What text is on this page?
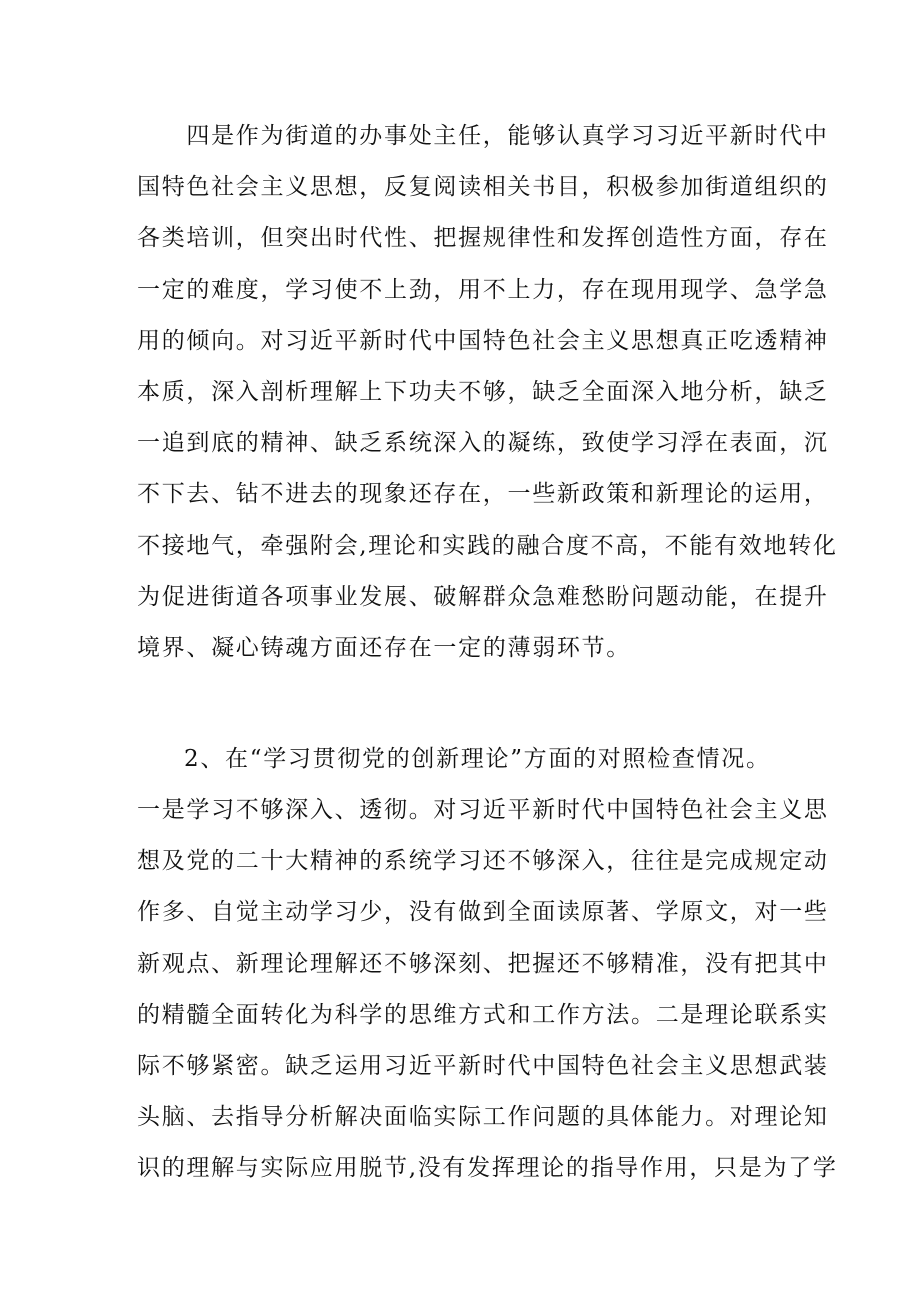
　　四是作为街道的办事处主任，能够认真学习习近平新时代中
国特色社会主义思想，反复阅读相关书目，积极参加街道组织的
各类培训，但突出时代性、把握规律性和发挥创造性方面，存在
一定的难度，学习使不上劲，用不上力，存在现用现学、急学急
用的倾向。对习近平新时代中国特色社会主义思想真正吃透精神
本质，深入剖析理解上下功夫不够，缺乏全面深入地分析，缺乏
一追到底的精神、缺乏系统深入的凝练，致使学习浮在表面，沉
不下去、钻不进去的现象还存在，一些新政策和新理论的运用，
不接地气，牵强附会,理论和实践的融合度不高，不能有效地转化
为促进街道各项事业发展、破解群众急难愁盼问题动能，在提升
境界、凝心铸魂方面还存在一定的薄弱环节。
2、在“学习贯彻党的创新理论”方面的对照检查情况。
一是学习不够深入、透彻。对习近平新时代中国特色社会主义思
想及党的二十大精神的系统学习还不够深入，往往是完成规定动
作多、自觉主动学习少，没有做到全面读原著、学原文，对一些
新观点、新理论理解还不够深刻、把握还不够精准，没有把其中
的精髓全面转化为科学的思维方式和工作方法。二是理论联系实
际不够紧密。缺乏运用习近平新时代中国特色社会主义思想武装
头脑、去指导分析解决面临实际工作问题的具体能力。对理论知
识的理解与实际应用脱节,没有发挥理论的指导作用，只是为了学
